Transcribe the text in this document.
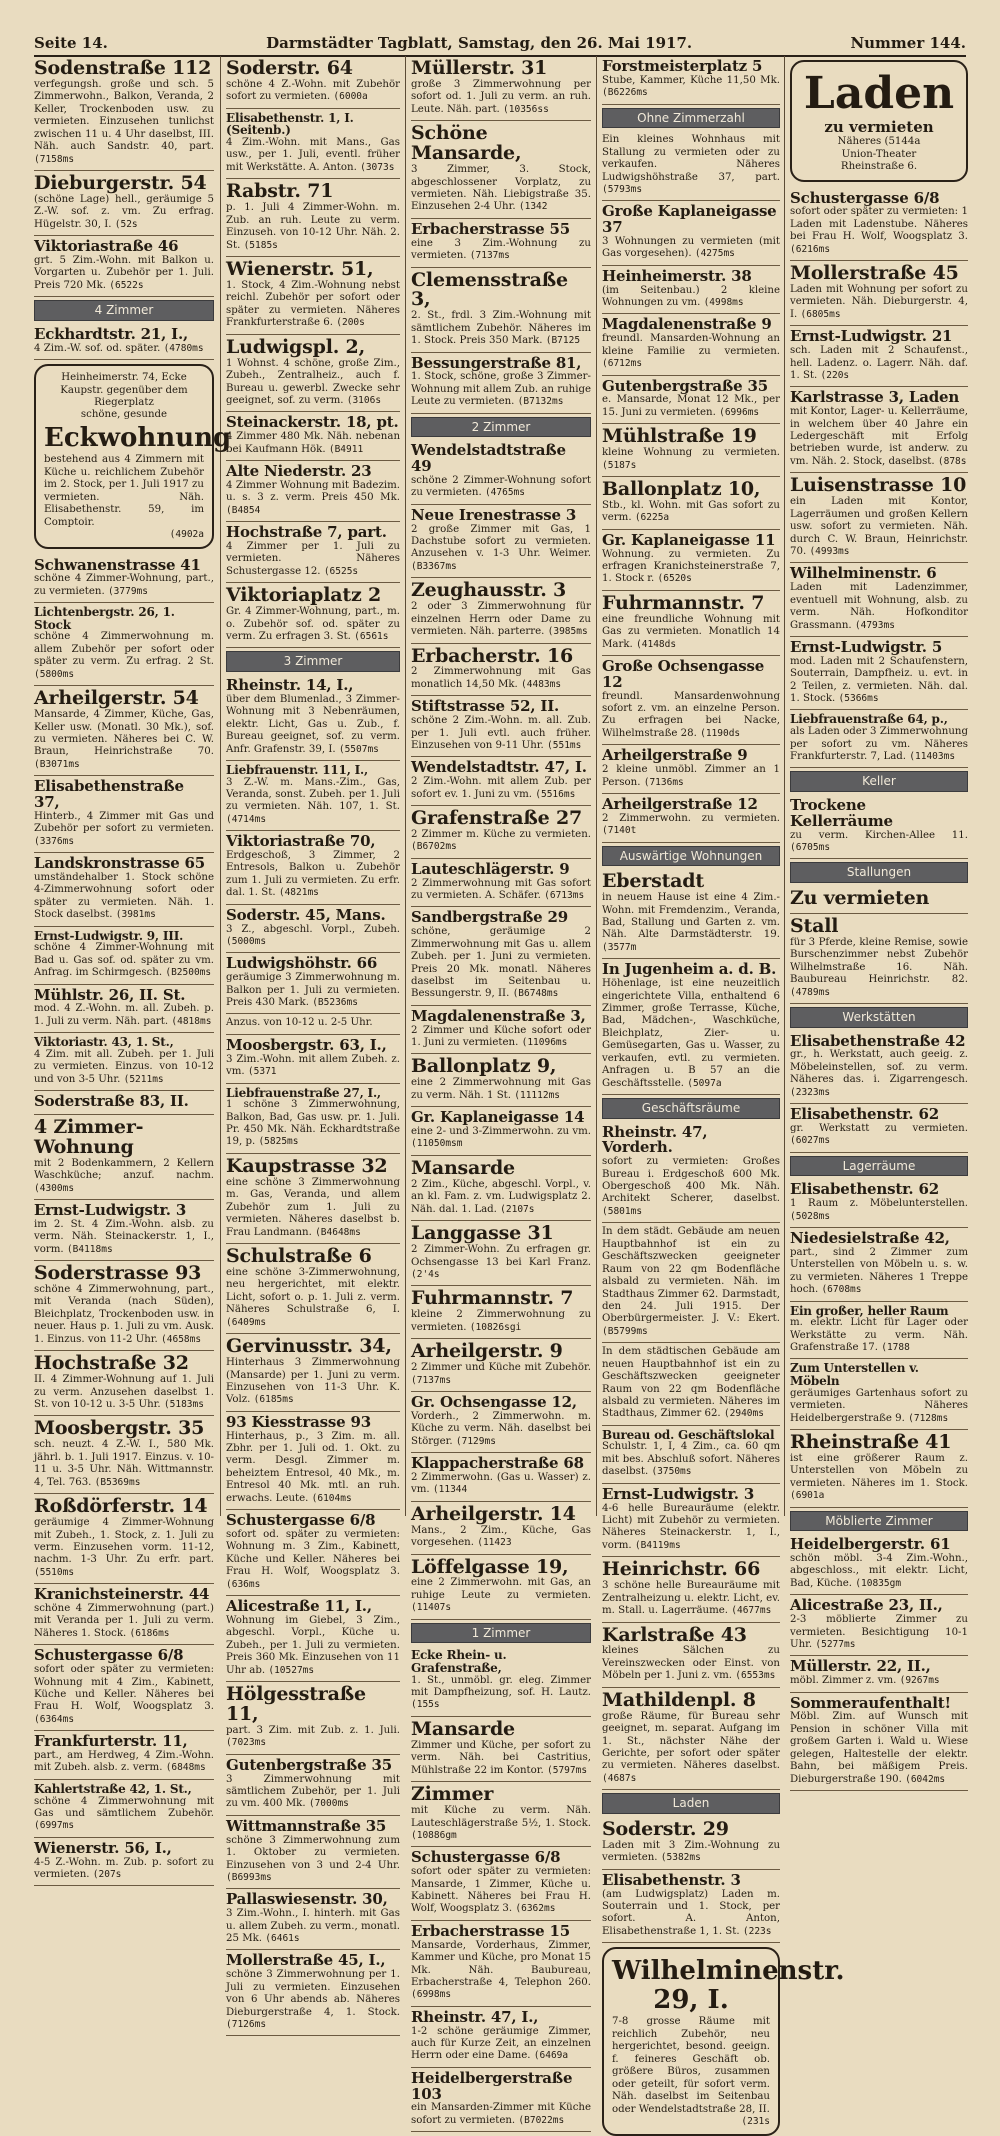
Seite 14.	Darmstädter Tagblatt, Samstag, den 26. Mai 1917.	Nummer 144.
Sodenstraße 112

verfegungsh. große und sch. 5 Zimmerwohn., Balkon, Veranda, 2 Keller, Trockenboden usw. zu vermieten. Einzusehen tunlichst zwischen 11 u. 4 Uhr daselbst, III. Näh. auch Sandstr. 40, part. (7158ms

Dieburgerstr. 54

(schöne Lage) hell., geräumige 5 Z.-W. sof. z. vm. Zu erfrag. Hügelstr. 30, I. (52s

Viktoriastraße 46

grt. 5 Zim.-Wohn. mit Balkon u. Vorgarten u. Zubehör per 1. Juli. Preis 720 Mk. (6522s

4 Zimmer
Eckhardtstr. 21, I.,

4 Zim.-W. sof. od. später. (4780ms

Heinheimerstr. 74, Ecke Kaupstr. gegenüber dem Riegerplatz

schöne, gesunde

Eckwohnung

bestehend aus 4 Zimmern mit Küche u. reichlichem Zubehör im 2. Stock, per 1. Juli 1917 zu vermieten. Näh. Elisabethenstr. 59, im Comptoir.

(4902a

Schwanenstrasse 41

schöne 4 Zimmer-Wohnung, part., zu vermieten. (3779ms

Lichtenbergstr. 26, 1. Stock

schöne 4 Zimmerwohnung m. allem Zubehör per sofort oder später zu verm. Zu erfrag. 2 St. (5800ms

Arheilgerstr. 54

Mansarde, 4 Zimmer, Küche, Gas, Keller usw. (Monatl. 30 Mk.), sof. zu vermieten. Näheres bei C. W. Braun, Heinrichstraße 70. (B3071ms

Elisabethenstraße 37,

Hinterb., 4 Zimmer mit Gas und Zubehör per sofort zu vermieten. (3376ms

Landskronstrasse 65

umständehalber 1. Stock schöne 4-Zimmerwohnung sofort oder später zu vermieten. Näh. 1. Stock daselbst. (3981ms

Ernst-Ludwigstr. 9, III.

schöne 4 Zimmer-Wohnung mit Bad u. Gas sof. od. später zu vm. Anfrag. im Schirmgesch. (B2500ms

Mühlstr. 26, II. St.

mod. 4 Z.-Wohn. m. all. Zubeh. p. 1. Juli zu verm. Näh. part. (4818ms

Viktoriastr. 43, 1. St.,

4 Zim. mit all. Zubeh. per 1. Juli zu vermieten. Einzus. von 10-12 und von 3-5 Uhr. (5211ms

Soderstraße 83, II.

4 Zimmer-Wohnung

mit 2 Bodenkammern, 2 Kellern Waschküche; anzuf. nachm. (4300ms

Ernst-Ludwigstr. 3

im 2. St. 4 Zim.-Wohn. alsb. zu verm. Näh. Steinackerstr. 1, I., vorm. (B4118ms

Soderstrasse 93

schöne 4 Zimmerwohnung, part., mit Veranda (nach Süden), Bleichplatz, Trockenboden usw. in neuer. Haus p. 1. Juli zu vm. Ausk. 1. Einzus. von 11-2 Uhr. (4658ms

Hochstraße 32

II. 4 Zimmer-Wohnung auf 1. Juli zu verm. Anzusehen daselbst 1. St. von 10-12 u. 3-5 Uhr. (5183ms

Moosbergstr. 35

sch. neuzt. 4 Z.-W. I., 580 Mk. jährl. b. 1. Juli 1917. Einzus. v. 10-11 u. 3-5 Uhr. Näh. Wittmannstr. 4, Tel. 763. (B5369ms

Roßdörferstr. 14

geräumige 4 Zimmer-Wohnung mit Zubeh., 1. Stock, z. 1. Juli zu verm. Einzusehen vorm. 11-12, nachm. 1-3 Uhr. Zu erfr. part. (5510ms

Kranichsteinerstr. 44

schöne 4 Zimmerwohnung (part.) mit Veranda per 1. Juli zu verm. Näheres 1. Stock. (6186ms

Schustergasse 6/8

sofort oder später zu vermieten: Wohnung mit 4 Zim., Kabinett, Küche und Keller. Näheres bei Frau H. Wolf, Woogsplatz 3. (6364ms

Frankfurterstr. 11,

part., am Herdweg, 4 Zim.-Wohn. mit Zubeh. alsb. z. verm. (6848ms

Kahlertstraße 42, 1. St.,

schöne 4 Zimmerwohnung mit Gas und sämtlichem Zubehör. (6997ms

Wienerstr. 56, I.,

4-5 Z.-Wohn. m. Zub. p. sofort zu vermieten. (207s

Soderstr. 64

schöne 4 Z.-Wohn. mit Zubehör sofort zu vermieten. (6000a

Elisabethenstr. 1, I. (Seitenb.)

4 Zim.-Wohn. mit Mans., Gas usw., per 1. Juli, eventl. früher mit Werkstätte. A. Anton. (3073s

Rabstr. 71

p. 1. Juli 4 Zimmer-Wohn. m. Zub. an ruh. Leute zu verm. Einzuseh. von 10-12 Uhr. Näh. 2. St. (5185s

Wienerstr. 51,

1. Stock, 4 Zim.-Wohnung nebst reichl. Zubehör per sofort oder später zu vermieten. Näheres Frankfurterstraße 6. (200s

Ludwigspl. 2,

1 Wohnst. 4 schöne, große Zim., Zubeh., Zentralheiz., auch f. Bureau u. gewerbl. Zwecke sehr geeignet, sof. zu verm. (3106s

Steinackerstr. 18, pt.

4 Zimmer 480 Mk. Näh. nebenan bei Kaufmann Hök. (B4911

Alte Niederstr. 23

4 Zimmer Wohnung mit Badezim. u. s. 3 z. verm. Preis 450 Mk. (B4854

Hochstraße 7, part.

4 Zimmer per 1. Juli zu vermieten. Näheres Schustergasse 12. (6525s

Viktoriaplatz 2

Gr. 4 Zimmer-Wohnung, part., m. o. Zubehör sof. od. später zu verm. Zu erfragen 3. St. (6561s

3 Zimmer
Rheinstr. 14, I.,

über dem Blumenlad., 3 Zimmer-Wohnung mit 3 Nebenräumen, elektr. Licht, Gas u. Zub., f. Bureau geeignet, sof. zu verm. Anfr. Grafenstr. 39, I. (5507ms

Liebfrauenstr. 111, I.,

3 Z.-W. m. Mans.-Zim., Gas, Veranda, sonst. Zubeh. per 1. Juli zu vermieten. Näh. 107, 1. St. (4714ms

Viktoriastraße 70,

Erdgeschoß, 3 Zimmer, 2 Entresols, Balkon u. Zubehör zum 1. Juli zu vermieten. Zu erfr. dal. 1. St. (4821ms

Soderstr. 45, Mans.

3 Z., abgeschl. Vorpl., Zubeh. (5000ms

Ludwigshöhstr. 66

geräumige 3 Zimmerwohnung m. Balkon per 1. Juli zu vermieten. Preis 430 Mark. (B5236ms

Anzus. von 10-12 u. 2-5 Uhr.

Moosbergstr. 63, I.,

3 Zim.-Wohn. mit allem Zubeh. z. vm. (5371

Liebfrauenstraße 27, I.,

1 schöne 3 Zimmerwohnung, Balkon, Bad, Gas usw. pr. 1. Juli. Pr. 450 Mk. Näh. Eckhardtstraße 19, p. (5825ms

Kaupstrasse 32

eine schöne 3 Zimmerwohnung m. Gas, Veranda, und allem Zubehör zum 1. Juli zu vermieten. Näheres daselbst b. Frau Landmann. (B4648ms

Schulstraße 6

eine schöne 3-Zimmerwohnung, neu hergerichtet, mit elektr. Licht, sofort o. p. 1. Juli z. verm. Näheres Schulstraße 6, I. (6409ms

Gervinusstr. 34,

Hinterhaus 3 Zimmerwohnung (Mansarde) per 1. Juni zu verm. Einzusehen von 11-3 Uhr. K. Volz. (6185ms

93 Kiesstrasse 93

Hinterhaus, p., 3 Zim. m. all. Zbhr. per 1. Juli od. 1. Okt. zu verm. Desgl. Zimmer m. beheiztem Entresol, 40 Mk., m. Entresol 40 Mk. mtl. an ruh. erwachs. Leute. (6104ms

Schustergasse 6/8

sofort od. später zu vermieten: Wohnung m. 3 Zim., Kabinett, Küche und Keller. Näheres bei Frau H. Wolf, Woogsplatz 3. (636ms

Alicestraße 11, I.,

Wohnung im Giebel, 3 Zim., abgeschl. Vorpl., Küche u. Zubeh., per 1. Juli zu vermieten. Preis 360 Mk. Einzusehen von 11 Uhr ab. (10527ms

Hölgesstraße 11,

part. 3 Zim. mit Zub. z. 1. Juli. (7023ms

Gutenbergstraße 35

3 Zimmerwohnung mit sämtlichem Zubehör, per 1. Juli zu vm. 400 Mk. (7000ms

Wittmannstraße 35

schöne 3 Zimmerwohnung zum 1. Oktober zu vermieten. Einzusehen von 3 und 2-4 Uhr. (B6993ms

Pallaswiesenstr. 30,

3 Zim.-Wohn., I. hinterh. mit Gas u. allem Zubeh. zu verm., monatl. 25 Mk. (6461s

Mollerstraße 45, I.,

schöne 3 Zimmerwohnung per 1. Juli zu vermieten. Einzusehen von 6 Uhr abends ab. Näheres Dieburgerstraße 4, 1. Stock. (7126ms

Müllerstr. 31

große 3 Zimmerwohnung per sofort od. 1. Juli zu verm. an ruh. Leute. Näh. part. (10356ss

Schöne Mansarde,

3 Zimmer, 3. Stock, abgeschlossener Vorplatz, zu vermieten. Näh. Liebigstraße 35. Einzusehen 2-4 Uhr. (1342

Erbacherstrasse 55

eine 3 Zim.-Wohnung zu vermieten. (7137ms

Clemensstraße 3,

2. St., frdl. 3 Zim.-Wohnung mit sämtlichem Zubehör. Näheres im 1. Stock. Preis 350 Mark. (B7125

Bessungerstraße 81,

1. Stock, schöne, große 3 Zimmer-Wohnung mit allem Zub. an ruhige Leute zu vermieten. (B7132ms

2 Zimmer
Wendelstadtstraße 49

schöne 2 Zimmer-Wohnung sofort zu vermieten. (4765ms

Neue Irenestrasse 3

2 große Zimmer mit Gas, 1 Dachstube sofort zu vermieten. Anzusehen v. 1-3 Uhr. Weimer. (B3367ms

Zeughausstr. 3

2 oder 3 Zimmerwohnung für einzelnen Herrn oder Dame zu vermieten. Näh. parterre. (3985ms

Erbacherstr. 16

2 Zimmerwohnung mit Gas monatlich 14,50 Mk. (4483ms

Stiftstrasse 52, II.

schöne 2 Zim.-Wohn. m. all. Zub. per 1. Juli evtl. auch früher. Einzusehen von 9-11 Uhr. (551ms

Wendelstadtstr. 47, I.

2 Zim.-Wohn. mit allem Zub. per sofort ev. 1. Juni zu vm. (5516ms

Grafenstraße 27

2 Zimmer m. Küche zu vermieten. (B6702ms

Lauteschlägerstr. 9

2 Zimmerwohnung mit Gas sofort zu vermieten. A. Schäfer. (6713ms

Sandbergstraße 29

schöne, geräumige 2 Zimmerwohnung mit Gas u. allem Zubeh. per 1. Juni zu vermieten. Preis 20 Mk. monatl. Näheres daselbst im Seitenbau u. Bessungerstr. 9, II. (B6748ms

Magdalenenstraße 3,

2 Zimmer und Küche sofort oder 1. Juni zu vermieten. (11096ms

Ballonplatz 9,

eine 2 Zimmerwohnung mit Gas zu verm. Näh. 1 St. (11112ms

Gr. Kaplaneigasse 14

eine 2- und 3-Zimmerwohn. zu vm. (11050msm

Mansarde

2 Zim., Küche, abgeschl. Vorpl., v. an kl. Fam. z. vm. Ludwigsplatz 2. Näh. dal. 1. Lad. (2107s

Langgasse 31

2 Zimmer-Wohn. Zu erfragen gr. Ochsengasse 13 bei Karl Franz. (2'4s

Fuhrmannstr. 7

kleine 2 Zimmerwohnung zu vermieten. (10826sgi

Arheilgerstr. 9

2 Zimmer und Küche mit Zubehör. (7137ms

Gr. Ochsengasse 12,

Vorderh., 2 Zimmerwohn. m. Küche zu verm. Näh. daselbst bei Störger. (7129ms

Klappacherstraße 68

2 Zimmerwohn. (Gas u. Wasser) z. vm. (11344

Arheilgerstr. 14

Mans., 2 Zim., Küche, Gas vorgesehen. (11423

Löffelgasse 19,

eine 2 Zimmerwohn. mit Gas, an ruhige Leute zu vermieten. (11407s

1 Zimmer
Ecke Rhein- u. Grafenstraße,

1. St., unmöbl. gr. eleg. Zimmer mit Dampfheizung, sof. H. Lautz. (155s

Mansarde

Zimmer und Küche, per sofort zu verm. Näh. bei Castritius, Mühlstraße 22 im Kontor. (5797ms

Zimmer

mit Küche zu verm. Näh. Lauteschlägerstraße 5½, 1. Stock. (10886gm

Schustergasse 6/8

sofort oder später zu vermieten: Mansarde, 1 Zimmer, Küche u. Kabinett. Näheres bei Frau H. Wolf, Woogsplatz 3. (6362ms

Erbacherstrasse 15

Mansarde, Vorderhaus, Zimmer, Kammer und Küche, pro Monat 15 Mk. Näh. Baubureau, Erbacherstraße 4, Telephon 260. (6998ms

Rheinstr. 47, I.,

1-2 schöne geräumige Zimmer, auch für Kurze Zeit, an einzelnen Herrn oder eine Dame. (6469a

Heidelbergerstraße 103

ein Mansarden-Zimmer mit Küche sofort zu vermieten. (B7022ms

Forstmeisterplatz 5

Stube, Kammer, Küche 11,50 Mk. (B6226ms

Ohne Zimmerzahl

Ein kleines Wohnhaus mit Stallung zu vermieten oder zu verkaufen. Näheres Ludwigshöhstraße 37, part. (5793ms

Große Kaplaneigasse 37

3 Wohnungen zu vermieten (mit Gas vorgesehen). (4275ms

Heinheimerstr. 38

(im Seitenbau.) 2 kleine Wohnungen zu vm. (4998ms

Magdalenenstraße 9

freundl. Mansarden-Wohnung an kleine Familie zu vermieten. (6712ms

Gutenbergstraße 35

e. Mansarde, Monat 12 Mk., per 15. Juni zu vermieten. (6996ms

Mühlstraße 19

kleine Wohnung zu vermieten. (5187s

Ballonplatz 10,

Stb., kl. Wohn. mit Gas sofort zu verm. (6225a

Gr. Kaplaneigasse 11

Wohnung. zu vermieten. Zu erfragen Kranichsteinerstraße 7, 1. Stock r. (6520s

Fuhrmannstr. 7

eine freundliche Wohnung mit Gas zu vermieten. Monatlich 14 Mark. (4148ds

Große Ochsengasse 12

freundl. Mansardenwohnung sofort z. vm. an einzelne Person. Zu erfragen bei Nacke, Wilhelmstraße 28. (1190ds

Arheilgerstraße 9

2 kleine unmöbl. Zimmer an 1 Person. (7136ms

Arheilgerstraße 12

2 Zimmerwohn. zu vermieten. (7140t

Auswärtige Wohnungen
Eberstadt

in neuem Hause ist eine 4 Zim.-Wohn. mit Fremdenzim., Veranda, Bad, Stallung und Garten z. vm. Näh. Alte Darmstädterstr. 19. (3577m

In Jugenheim a. d. B.

Höhenlage, ist eine neuzeitlich eingerichtete Villa, enthaltend 6 Zimmer, große Terrasse, Küche, Bad, Mädchen-, Waschküche, Bleichplatz, Zier- u. Gemüsegarten, Gas u. Wasser, zu verkaufen, evtl. zu vermieten. Anfragen u. B 57 an die Geschäftsstelle. (5097a

Geschäftsräume
Rheinstr. 47, Vorderh.

sofort zu vermieten: Großes Bureau i. Erdgeschoß 600 Mk. Obergeschoß 400 Mk. Näh. Architekt Scherer, daselbst. (5801ms

In dem städt. Gebäude am neuen Hauptbahnhof ist ein zu Geschäftszwecken geeigneter Raum von 22 qm Bodenfläche alsbald zu vermieten. Näh. im Stadthaus Zimmer 62. Darmstadt, den 24. Juli 1915. Der Oberbürgermeister. J. V.: Ekert. (B5799ms

In dem städtischen Gebäude am neuen Hauptbahnhof ist ein zu Geschäftszwecken geeigneter Raum von 22 qm Bodenfläche alsbald zu vermieten. Näheres im Stadthaus, Zimmer 62. (2940ms

Bureau od. Geschäftslokal

Schulstr. 1, I, 4 Zim., ca. 60 qm mit bes. Abschluß sofort. Näheres daselbst. (3750ms

Ernst-Ludwigstr. 3

4-6 helle Bureauräume (elektr. Licht) mit Zubehör zu vermieten. Näheres Steinackerstr. 1, I., vorm. (B4119ms

Heinrichstr. 66

3 schöne helle Bureauräume mit Zentralheizung u. elektr. Licht, ev. m. Stall. u. Lagerräume. (4677ms

Karlstraße 43

kleines Sälchen zu Vereinszwecken oder Einst. von Möbeln per 1. Juni z. vm. (6553ms

Mathildenpl. 8

große Räume, für Bureau sehr geeignet, m. separat. Aufgang im 1. St., nächster Nähe der Gerichte, per sofort oder später zu vermieten. Näheres daselbst. (4687s

Laden
Soderstr. 29

Laden mit 3 Zim.-Wohnung zu vermieten. (5382ms

Elisabethenstr. 3

(am Ludwigsplatz) Laden m. Souterrain und 1. Stock, per sofort. A. Anton, Elisabethenstraße 1, 1. St. (223s

Wilhelminenstr. 29, I.

7-8 grosse Räume mit reichlich Zubehör, neu hergerichtet, besond. geeign. f. feineres Geschäft ob. größere Büros, zusammen oder geteilt, für sofort verm. Näh. daselbst im Seitenbau oder Wendelstadtstraße 28, II.

(231s

Laden
zu vermieten

Näheres (5144a

Union-Theater

Rheinstraße 6.

Schustergasse 6/8

sofort oder später zu vermieten: 1 Laden mit Ladenstube. Näheres bei Frau H. Wolf, Woogsplatz 3. (6216ms

Mollerstraße 45

Laden mit Wohnung per sofort zu vermieten. Näh. Dieburgerstr. 4, I. (6805ms

Ernst-Ludwigstr. 21

sch. Laden mit 2 Schaufenst., hell. Ladenz. o. Lagerr. Näh. daf. 1. St. (220s

Karlstrasse 3, Laden

mit Kontor, Lager- u. Kellerräume, in welchem über 40 Jahre ein Ledergeschäft mit Erfolg betrieben wurde, ist anderw. zu vm. Näh. 2. Stock, daselbst. (878s

Luisenstrasse 10

ein Laden mit Kontor, Lagerräumen und großen Kellern usw. sofort zu vermieten. Näh. durch C. W. Braun, Heinrichstr. 70. (4993ms

Wilhelminenstr. 6

Laden mit Ladenzimmer, eventuell mit Wohnung, alsb. zu verm. Näh. Hofkonditor Grassmann. (4793ms

Ernst-Ludwigstr. 5

mod. Laden mit 2 Schaufenstern, Souterrain, Dampfheiz. u. evt. in 2 Teilen, z. vermieten. Näh. dal. 1. Stock. (5366ms

Liebfrauenstraße 64, p.,

als Laden oder 3 Zimmerwohnung per sofort zu vm. Näheres Frankfurterstr. 7, Lad. (11403ms

Keller
Trockene Kellerräume

zu verm. Kirchen-Allee 11. (6705ms

Stallungen
Zu vermieten

Stall

für 3 Pferde, kleine Remise, sowie Burschenzimmer nebst Zubehör Wilhelmstraße 16. Näh. Baubureau Heinrichstr. 82. (4789ms

Werkstätten
Elisabethenstraße 42

gr., h. Werkstatt, auch geeig. z. Möbeleinstellen, sof. zu verm. Näheres das. i. Zigarrengesch. (2323ms

Elisabethenstr. 62

gr. Werkstatt zu vermieten. (6027ms

Lagerräume
Elisabethenstr. 62

1 Raum z. Möbelunterstellen. (5028ms

Niedesielstraße 42,

part., sind 2 Zimmer zum Unterstellen von Möbeln u. s. w. zu vermieten. Näheres 1 Treppe hoch. (6708ms

Ein großer, heller Raum

m. elektr. Licht für Lager oder Werkstätte zu verm. Näh. Grafenstraße 17. (1788

Zum Unterstellen v. Möbeln

geräumiges Gartenhaus sofort zu vermieten. Näheres Heidelbergerstraße 9. (7128ms

Rheinstraße 41

ist eine größerer Raum z. Unterstellen von Möbeln zu vermieten. Näheres im 1. Stock. (6901a

Möblierte Zimmer
Heidelbergerstr. 61

schön möbl. 3-4 Zim.-Wohn., abgeschloss., mit elektr. Licht, Bad, Küche. (10835gm

Alicestraße 23, II.,

2-3 möblierte Zimmer zu vermieten. Besichtigung 10-1 Uhr. (5277ms

Müllerstr. 22, II.,

möbl. Zimmer z. vm. (9267ms

Sommeraufenthalt!

Möbl. Zim. auf Wunsch mit Pension in schöner Villa mit großem Garten i. Wald u. Wiese gelegen, Haltestelle der elektr. Bahn, bei mäßigem Preis. Dieburgerstraße 190. (6042ms
